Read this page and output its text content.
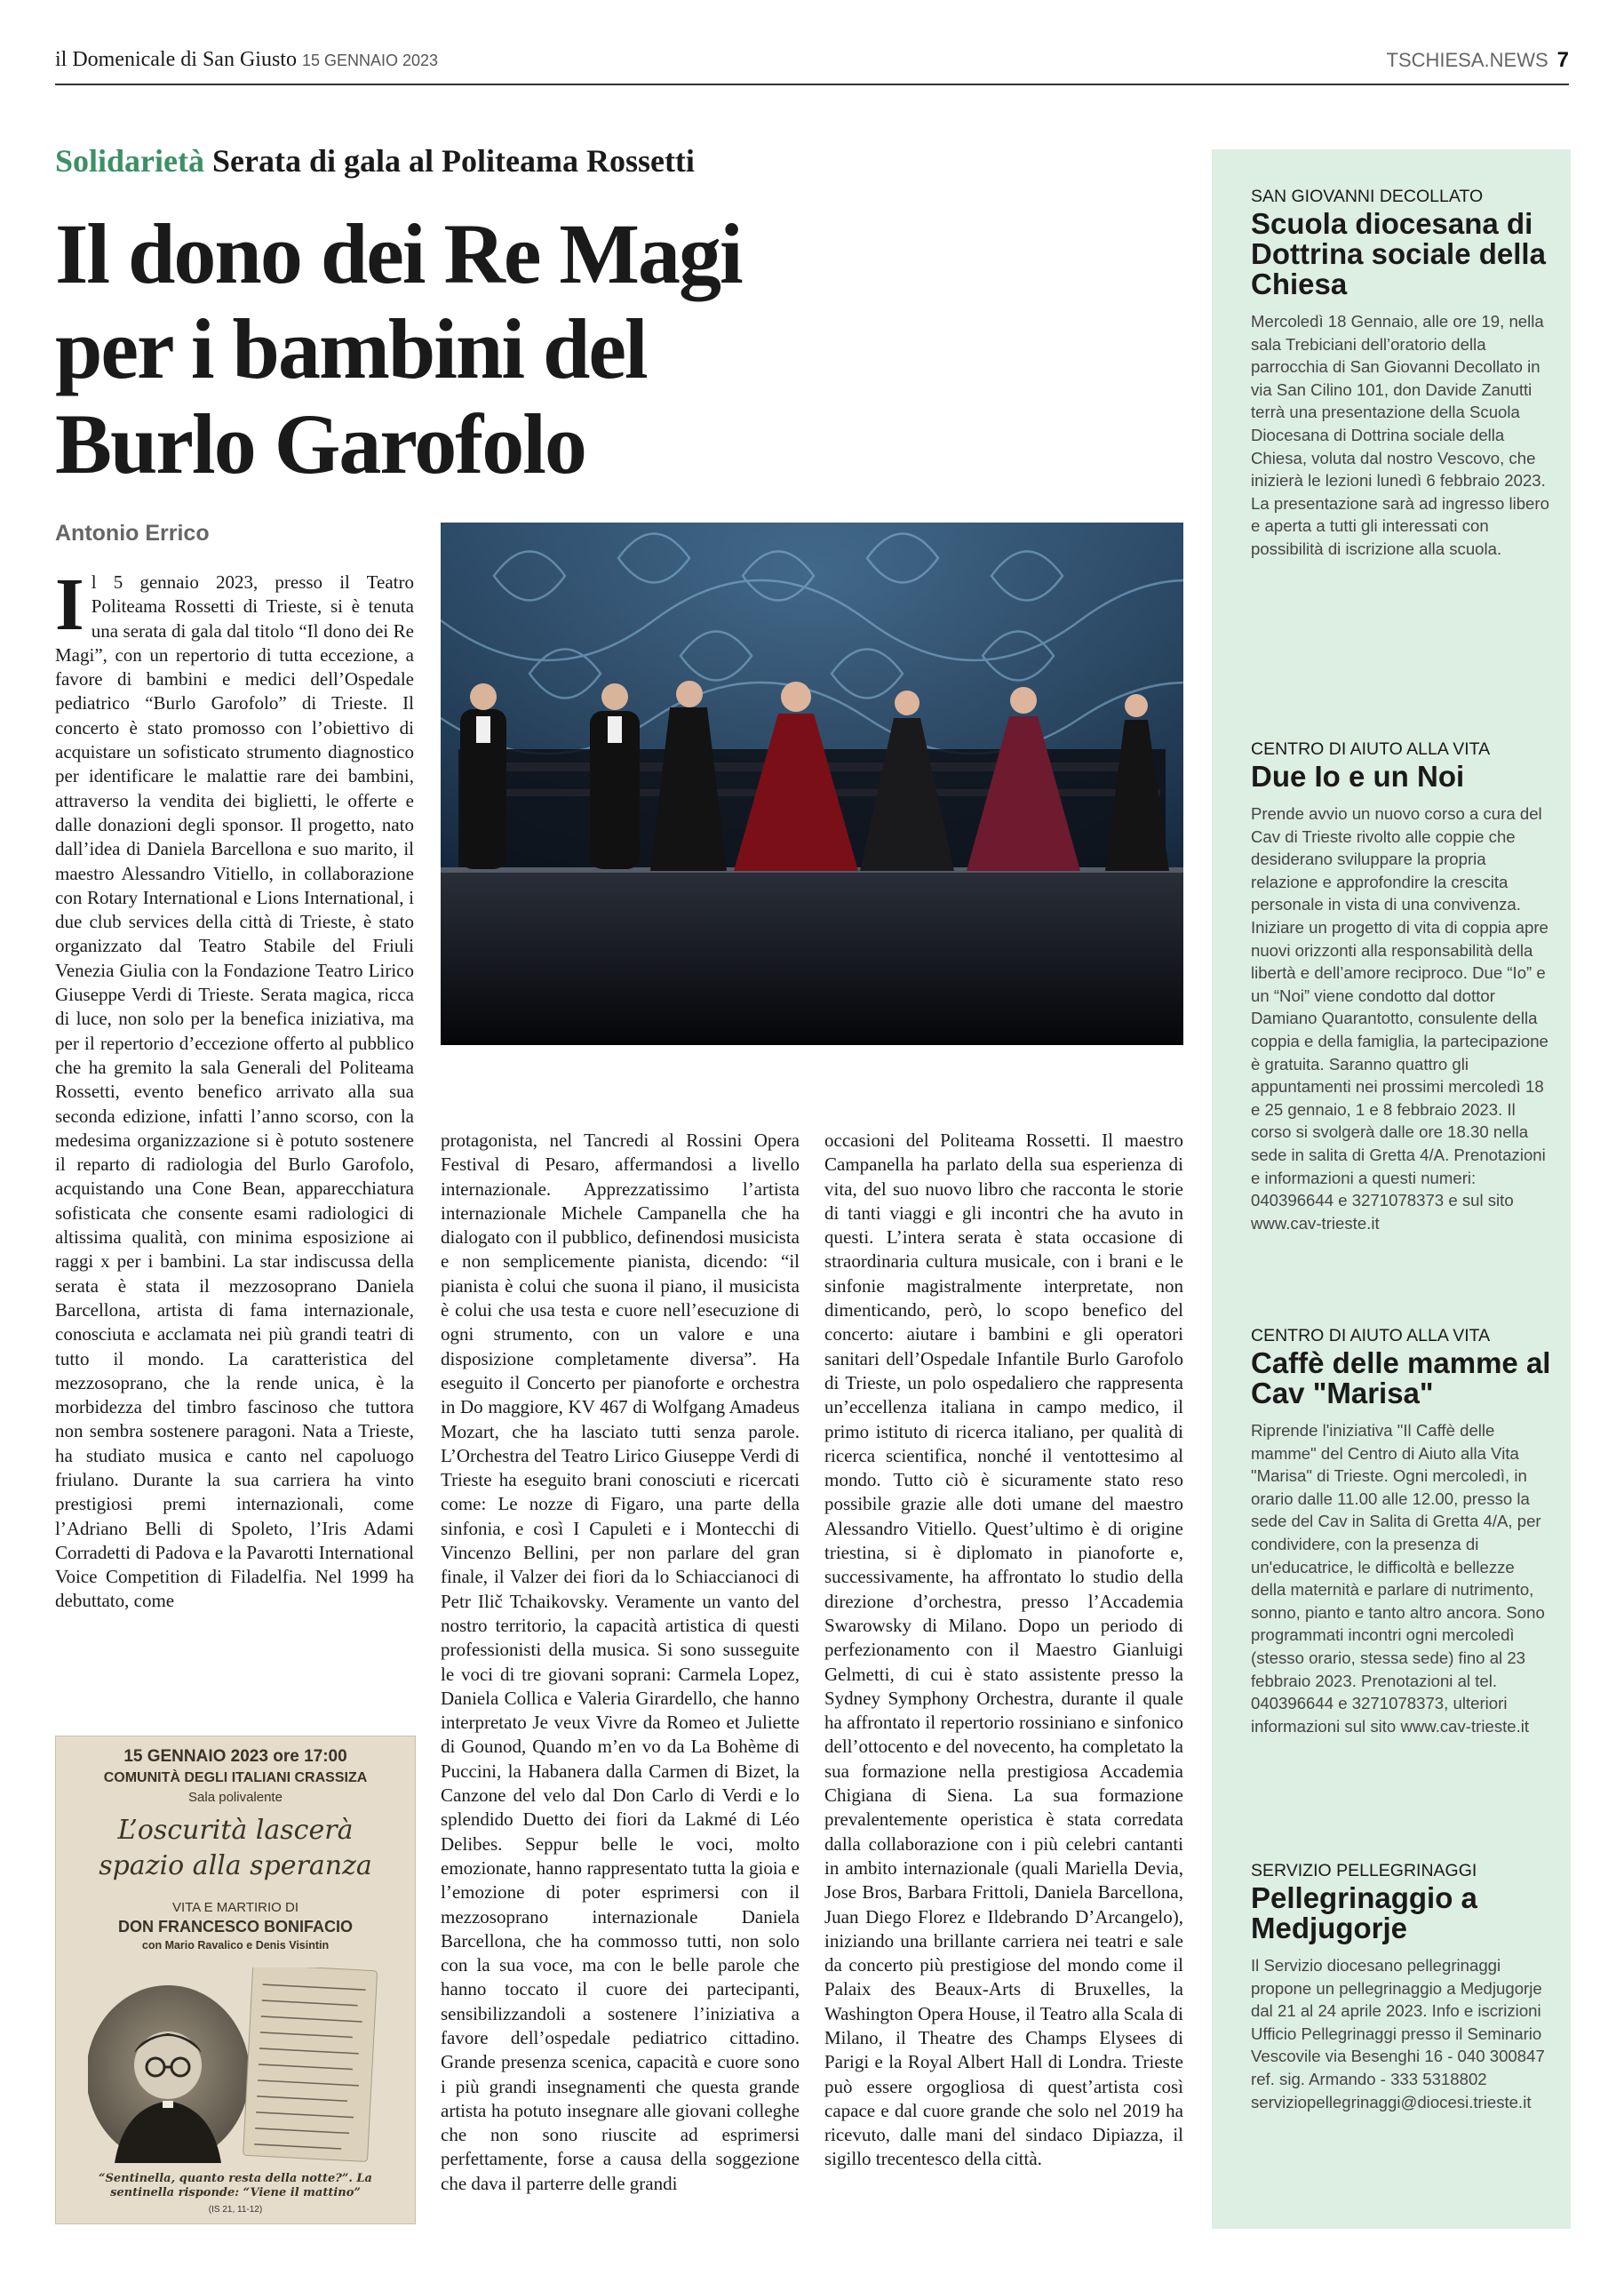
il Domenicale di San Giusto 15 GENNAIO 2023	TSCHIESA.NEWS 7
Solidarietà Serata di gala al Politeama Rossetti
Il dono dei Re Magi per i bambini del Burlo Garofolo
Antonio Errico
I l 5 gennaio 2023, presso il Teatro Politeama Rossetti di Trieste, si è tenuta una serata di gala dal titolo “Il dono dei Re Magi”, con un repertorio di tutta eccezione, a favore di bambini e medici dell’Ospedale pediatrico “Burlo Garofolo” di Trieste. Il concerto è stato promosso con l’obiettivo di acquistare un sofisticato strumento diagnostico per identificare le malattie rare dei bambini, attraverso la vendita dei biglietti, le offerte e dalle donazioni degli sponsor. Il progetto, nato dall’idea di Daniela Barcellona e suo marito, il maestro Alessandro Vitiello, in collaborazione con Rotary International e Lions International, i due club services della città di Trieste, è stato organizzato dal Teatro Stabile del Friuli Venezia Giulia con la Fondazione Teatro Lirico Giuseppe Verdi di Trieste. Serata magica, ricca di luce, non solo per la benefica iniziativa, ma per il repertorio d’eccezione offerto al pubblico che ha gremito la sala Generali del Politeama Rossetti, evento benefico arrivato alla sua seconda edizione, infatti l’anno scorso, con la medesima organizzazione si è potuto sostenere il reparto di radiologia del Burlo Garofolo, acquistando una Cone Bean, apparecchiatura sofisticata che consente esami radiologici di altissima qualità, con minima esposizione ai raggi x per i bambini. La star indiscussa della serata è stata il mezzosoprano Daniela Barcellona, artista di fama internazionale, conosciuta e acclamata nei più grandi teatri di tutto il mondo. La caratteristica del mezzosoprano, che la rende unica, è la morbidezza del timbro fascinoso che tuttora non sembra sostenere paragoni. Nata a Trieste, ha studiato musica e canto nel capoluogo friulano. Durante la sua carriera ha vinto prestigiosi premi internazionali, come l’Adriano Belli di Spoleto, l’Iris Adami Corradetti di Padova e la Pavarotti International Voice Competition di Filadelfia. Nel 1999 ha debuttato, come

protagonista, nel Tancredi al Rossini Opera Festival di Pesaro, affermandosi a livello internazionale. Apprezzatissimo l’artista internazionale Michele Campanella che ha dialogato con il pubblico, definendosi musicista e non semplicemente pianista, dicendo: “il pianista è colui che suona il piano, il musicista è colui che usa testa e cuore nell’esecuzione di ogni strumento, con un valore e una disposizione completamente diversa”. Ha eseguito il Concerto per pianoforte e orchestra in Do maggiore, KV 467 di Wolfgang Amadeus Mozart, che ha lasciato tutti senza parole. L’Orchestra del Teatro Lirico Giuseppe Verdi di Trieste ha eseguito brani conosciuti e ricercati come: Le nozze di Figaro, una parte della sinfonia, e così I Capuleti e i Montecchi di Vincenzo Bellini, per non parlare del gran finale, il Valzer dei fiori da lo Schiaccianoci di Petr Ilič Tchaikovsky. Veramente un vanto del nostro territorio, la capacità artistica di questi professionisti della musica. Si sono susseguite le voci di tre giovani soprani: Carmela Lopez, Daniela Collica e Valeria Girardello, che hanno interpretato Je veux Vivre da Romeo et Juliette di Gounod, Quando m’en vo da La Bohème di Puccini, la Habanera dalla Carmen di Bizet, la Canzone del velo dal Don Carlo di Verdi e lo splendido Duetto dei fiori da Lakmé di Léo Delibes. Seppur belle le voci, molto emozionate, hanno rappresentato tutta la gioia e l’emozione di poter esprimersi con il mezzosoprano internazionale Daniela Barcellona, che ha commosso tutti, non solo con la sua voce, ma con le belle parole che hanno toccato il cuore dei partecipanti, sensibilizzandoli a sostenere l’iniziativa a favore dell’ospedale pediatrico cittadino. Grande presenza scenica, capacità e cuore sono i più grandi insegnamenti che questa grande artista ha potuto insegnare alle giovani colleghe che non sono riuscite ad esprimersi perfettamente, forse a causa della soggezione che dava il parterre delle grandi

occasioni del Politeama Rossetti. Il maestro Campanella ha parlato della sua esperienza di vita, del suo nuovo libro che racconta le storie di tanti viaggi e gli incontri che ha avuto in questi. L’intera serata è stata occasione di straordinaria cultura musicale, con i brani e le sinfonie magistralmente interpretate, non dimenticando, però, lo scopo benefico del concerto: aiutare i bambini e gli operatori sanitari dell’Ospedale Infantile Burlo Garofolo di Trieste, un polo ospedaliero che rappresenta un’eccellenza italiana in campo medico, il primo istituto di ricerca italiano, per qualità di ricerca scientifica, nonché il ventottesimo al mondo. Tutto ciò è sicuramente stato reso possibile grazie alle doti umane del maestro Alessandro Vitiello. Quest’ultimo è di origine triestina, si è diplomato in pianoforte e, successivamente, ha affrontato lo studio della direzione d’orchestra, presso l’Accademia Swarowsky di Milano. Dopo un periodo di perfezionamento con il Maestro Gianluigi Gelmetti, di cui è stato assistente presso la Sydney Symphony Orchestra, durante il quale ha affrontato il repertorio rossiniano e sinfonico dell’ottocento e del novecento, ha completato la sua formazione nella prestigiosa Accademia Chigiana di Siena. La sua formazione prevalentemente operistica è stata corredata dalla collaborazione con i più celebri cantanti in ambito internazionale (quali Mariella Devia, Jose Bros, Barbara Frittoli, Daniela Barcellona, Juan Diego Florez e Ildebrando D’Arcangelo), iniziando una brillante carriera nei teatri e sale da concerto più prestigiose del mondo come il Palaix des Beaux-Arts di Bruxelles, la Washington Opera House, il Teatro alla Scala di Milano, il Theatre des Champs Elysees di Parigi e la Royal Albert Hall di Londra. Trieste può essere orgogliosa di quest’artista così capace e dal cuore grande che solo nel 2019 ha ricevuto, dalle mani del sindaco Dipiazza, il sigillo trecentesco della città.

15 GENNAIO 2023 ore 17:00
COMUNITÀ DEGLI ITALIANI CRASSIZA
Sala polivalente
L’oscurità lascerà spazio alla speranza
VITA E MARTIRIO DI
DON FRANCESCO BONIFACIO
con Mario Ravalico e Denis Visintin
“Sentinella, quanto resta della notte?”. La sentinella risponde: “Viene il mattino”
(IS 21, 11-12)
SAN GIOVANNI DECOLLATO
Scuola diocesana di Dottrina sociale della Chiesa
Mercoledì 18 Gennaio, alle ore 19, nella sala Trebiciani dell’oratorio della parrocchia di San Giovanni Decollato in via San Cilino 101, don Davide Zanutti terrà una presentazione della Scuola Diocesana di Dottrina sociale della Chiesa, voluta dal nostro Vescovo, che inizierà le lezioni lunedì 6 febbraio 2023. La presentazione sarà ad ingresso libero e aperta a tutti gli interessati con possibilità di iscrizione alla scuola.
CENTRO DI AIUTO ALLA VITA
Due Io e un Noi
Prende avvio un nuovo corso a cura del Cav di Trieste rivolto alle coppie che desiderano sviluppare la propria relazione e approfondire la crescita personale in vista di una convivenza. Iniziare un progetto di vita di coppia apre nuovi orizzonti alla responsabilità della libertà e dell’amore reciproco. Due “Io” e un “Noi” viene condotto dal dottor Damiano Quarantotto, consulente della coppia e della famiglia, la partecipazione è gratuita. Saranno quattro gli appuntamenti nei prossimi mercoledì 18 e 25 gennaio, 1 e 8 febbraio 2023. Il corso si svolgerà dalle ore 18.30 nella sede in salita di Gretta 4/A. Prenotazioni e informazioni a questi numeri: 040396644 e 3271078373 e sul sito www.cav-trieste.it
CENTRO DI AIUTO ALLA VITA
Caffè delle mamme al Cav "Marisa"
Riprende l'iniziativa "Il Caffè delle mamme" del Centro di Aiuto alla Vita "Marisa" di Trieste. Ogni mercoledì, in orario dalle 11.00 alle 12.00, presso la sede del Cav in Salita di Gretta 4/A, per condividere, con la presenza di un'educatrice, le difficoltà e bellezze della maternità e parlare di nutrimento, sonno, pianto e tanto altro ancora. Sono programmati incontri ogni mercoledì (stesso orario, stessa sede) fino al 23 febbraio 2023. Prenotazioni al tel. 040396644 e 3271078373, ulteriori informazioni sul sito www.cav-trieste.it
SERVIZIO PELLEGRINAGGI
Pellegrinaggio a Medjugorje
Il Servizio diocesano pellegrinaggi propone un pellegrinaggio a Medjugorje dal 21 al 24 aprile 2023. Info e iscrizioni Ufficio Pellegrinaggi presso il Seminario Vescovile via Besenghi 16 - 040 300847 ref. sig. Armando - 333 5318802 serviziopellegrinaggi@diocesi.trieste.it
